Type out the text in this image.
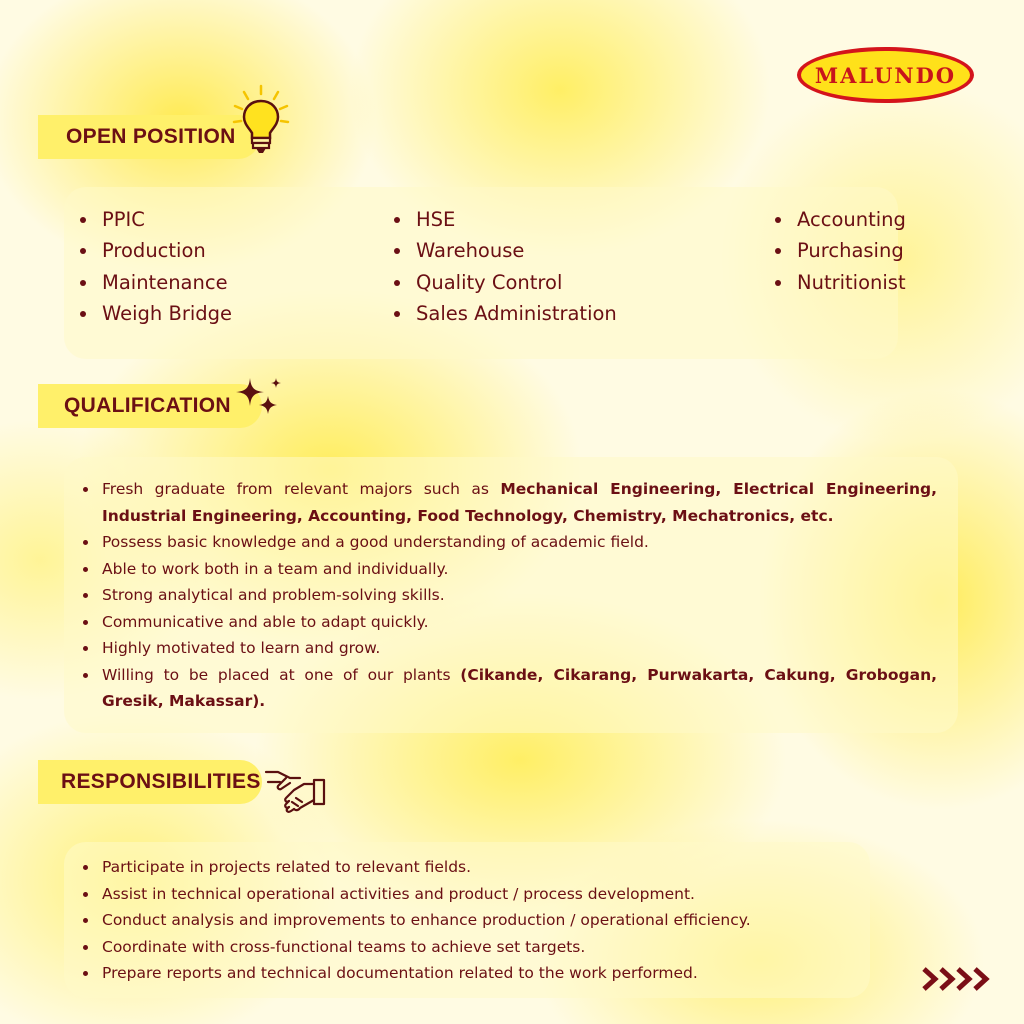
MALUNDO
OPEN POSITION
PPIC
Production
Maintenance
Weigh Bridge
HSE
Warehouse
Quality Control
Sales Administration
Accounting
Purchasing
Nutritionist
QUALIFICATION
Fresh graduate from relevant majors such as Mechanical Engineering, Electrical Engineering, Industrial Engineering, Accounting, Food Technology, Chemistry, Mechatronics, etc.
Possess basic knowledge and a good understanding of academic field.
Able to work both in a team and individually.
Strong analytical and problem-solving skills.
Communicative and able to adapt quickly.
Highly motivated to learn and grow.
Willing to be placed at one of our plants (Cikande, Cikarang, Purwakarta, Cakung, Grobogan, Gresik, Makassar).
RESPONSIBILITIES
Participate in projects related to relevant fields.
Assist in technical operational activities and product / process development.
Conduct analysis and improvements to enhance production / operational efficiency.
Coordinate with cross-functional teams to achieve set targets.
Prepare reports and technical documentation related to the work performed.
